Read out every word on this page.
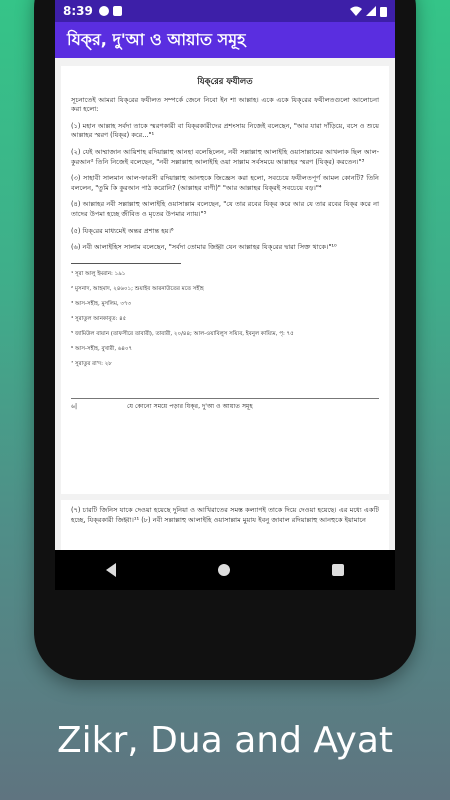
8:39
যিক্‌র, দু'আ ও আয়াত সমূহ
যিক্‌রের ফযীলত

সূচনাতেই আমরা যিক্‌রের ফযীলত সম্পর্কে জেনে নিবো ইন শা আল্লাহ। একে একে যিক্‌রের ফযীলতগুলো আলোচনা করা হলো:

(১) মহান আল্লাহ সর্বদা তাকে স্মরণকারী বা যিক্‌রকারীদের প্রশংসায় নিজেই বলেছেন, "আর যারা দাঁড়িয়ে, বসে ও শুয়ে আল্লাহর স্মরণ (যিক্‌র) করে..."¹

(২) যেই আম্মাজান আয়িশাহ রদিয়াল্লাহু আনহা বলেছিলেন, নবী সল্লাল্লাহু আলাইহি ওয়াসাল্লামের আখলাক ছিল আল-কুরআন² তিনি নিজেই বলেছেন, "নবী সল্লাল্লাহু আলাইহি ওয়া সাল্লাম সর্বসময়ে আল্লাহর স্মরণ (যিক্‌র) করতেন।"³

(৩) সাহাবী সালমান আল-ফারসী রদিয়াল্লাহু আনহুকে জিজ্ঞেস করা হলো, সবচেয়ে ফযীলতপূর্ণ আমল কোনটি? তিনি বললেন, "তুমি কি কুরআন পাঠ করোনি? (আল্লাহর বাণী)" "আর আল্লাহর যিক্‌রই সবচেয়ে বড়।"⁴

(৪) আল্লাহর নবী সল্লাল্লাহু আলাইহি ওয়াসাল্লাম বলেছেন, "যে তার রবের যিক্‌র করে আর যে তার রবের যিক্‌র করে না তাদের উপমা হচ্ছে জীবিত ও মৃতের উপমার ন্যায়।"⁵

(৫) যিক্‌রের মাধ্যমেই অন্তর প্রশান্ত হয়।⁶

(৬) নবী আলাইহিস সালাম বলেছেন, "সর্বদা তোমার জিহ্বা যেন আল্লাহর যিক্‌রের দ্বারা সিক্ত থাকে।"¹⁰

¹ সূরা আলু ইমরান: ১৯১

² মুসনাদ, আহমাদ, ২৪৬০১; শুয়াইব আরনাউতের মতে সহীহ

³ আস-সহীহ, মুসলিম, ৩৭৩

⁴ সুরাতুল আনকাবূত: ৪৫

⁵ জামিউল বায়ান (তাফসীরে তাবারী), তাবারী, ২০/৪৪; আল-ওয়াবিলুস সয়্যিব, ইবনুল কায়্যিম, পৃ: ৭৫

⁶ আস-সহীহ, বুখারী, ৬৪০৭

⁷ সুরাতুর রা'দ: ২৮

৬|	যে কোনো সময়ে পড়ার যিক্‌র, দু'আ ও আয়াত সমূহ

(৭) চারটি জিনিস যাকে দেওয়া হয়েছে দুনিয়া ও আখিরাতের সমস্ত কল্যাণই তাকে দিয়ে দেওয়া হয়েছে। এর মধ্যে একটি হচ্ছে, যিক্‌রকারী জিহ্বা।¹¹ (৮) নবী সল্লাল্লাহু আলাইহি ওয়াসাল্লাম মুয়ায ইবনু জাবাল রদিয়াল্লাহু আনহুকে ইয়ামানে

Zikr, Dua and Ayat
